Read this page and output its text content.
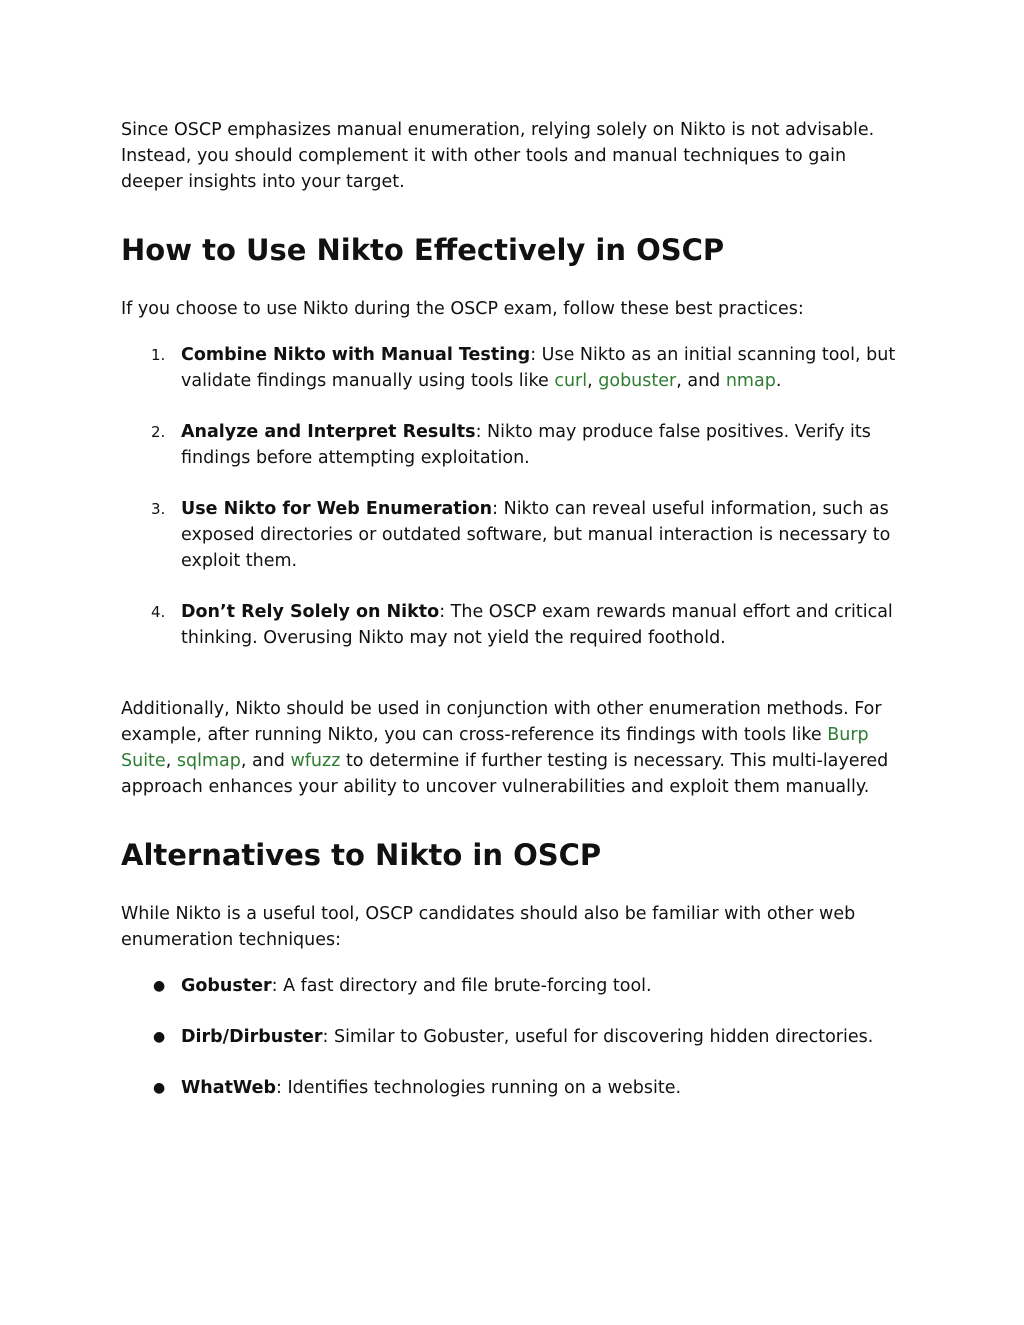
Since OSCP emphasizes manual enumeration, relying solely on Nikto is not advisable. Instead, you should complement it with other tools and manual techniques to gain deeper insights into your target.

How to Use Nikto Effectively in OSCP

If you choose to use Nikto during the OSCP exam, follow these best practices:

1. Combine Nikto with Manual Testing: Use Nikto as an initial scanning tool, but validate findings manually using tools like curl, gobuster, and nmap.
2. Analyze and Interpret Results: Nikto may produce false positives. Verify its findings before attempting exploitation.
3. Use Nikto for Web Enumeration: Nikto can reveal useful information, such as exposed directories or outdated software, but manual interaction is necessary to exploit them.
4. Don’t Rely Solely on Nikto: The OSCP exam rewards manual effort and critical thinking. Overusing Nikto may not yield the required foothold.

Additionally, Nikto should be used in conjunction with other enumeration methods. For example, after running Nikto, you can cross-reference its findings with tools like Burp Suite, sqlmap, and wfuzz to determine if further testing is necessary. This multi-layered approach enhances your ability to uncover vulnerabilities and exploit them manually.

Alternatives to Nikto in OSCP

While Nikto is a useful tool, OSCP candidates should also be familiar with other web enumeration techniques:

● Gobuster: A fast directory and file brute-forcing tool.
● Dirb/Dirbuster: Similar to Gobuster, useful for discovering hidden directories.
● WhatWeb: Identifies technologies running on a website.
